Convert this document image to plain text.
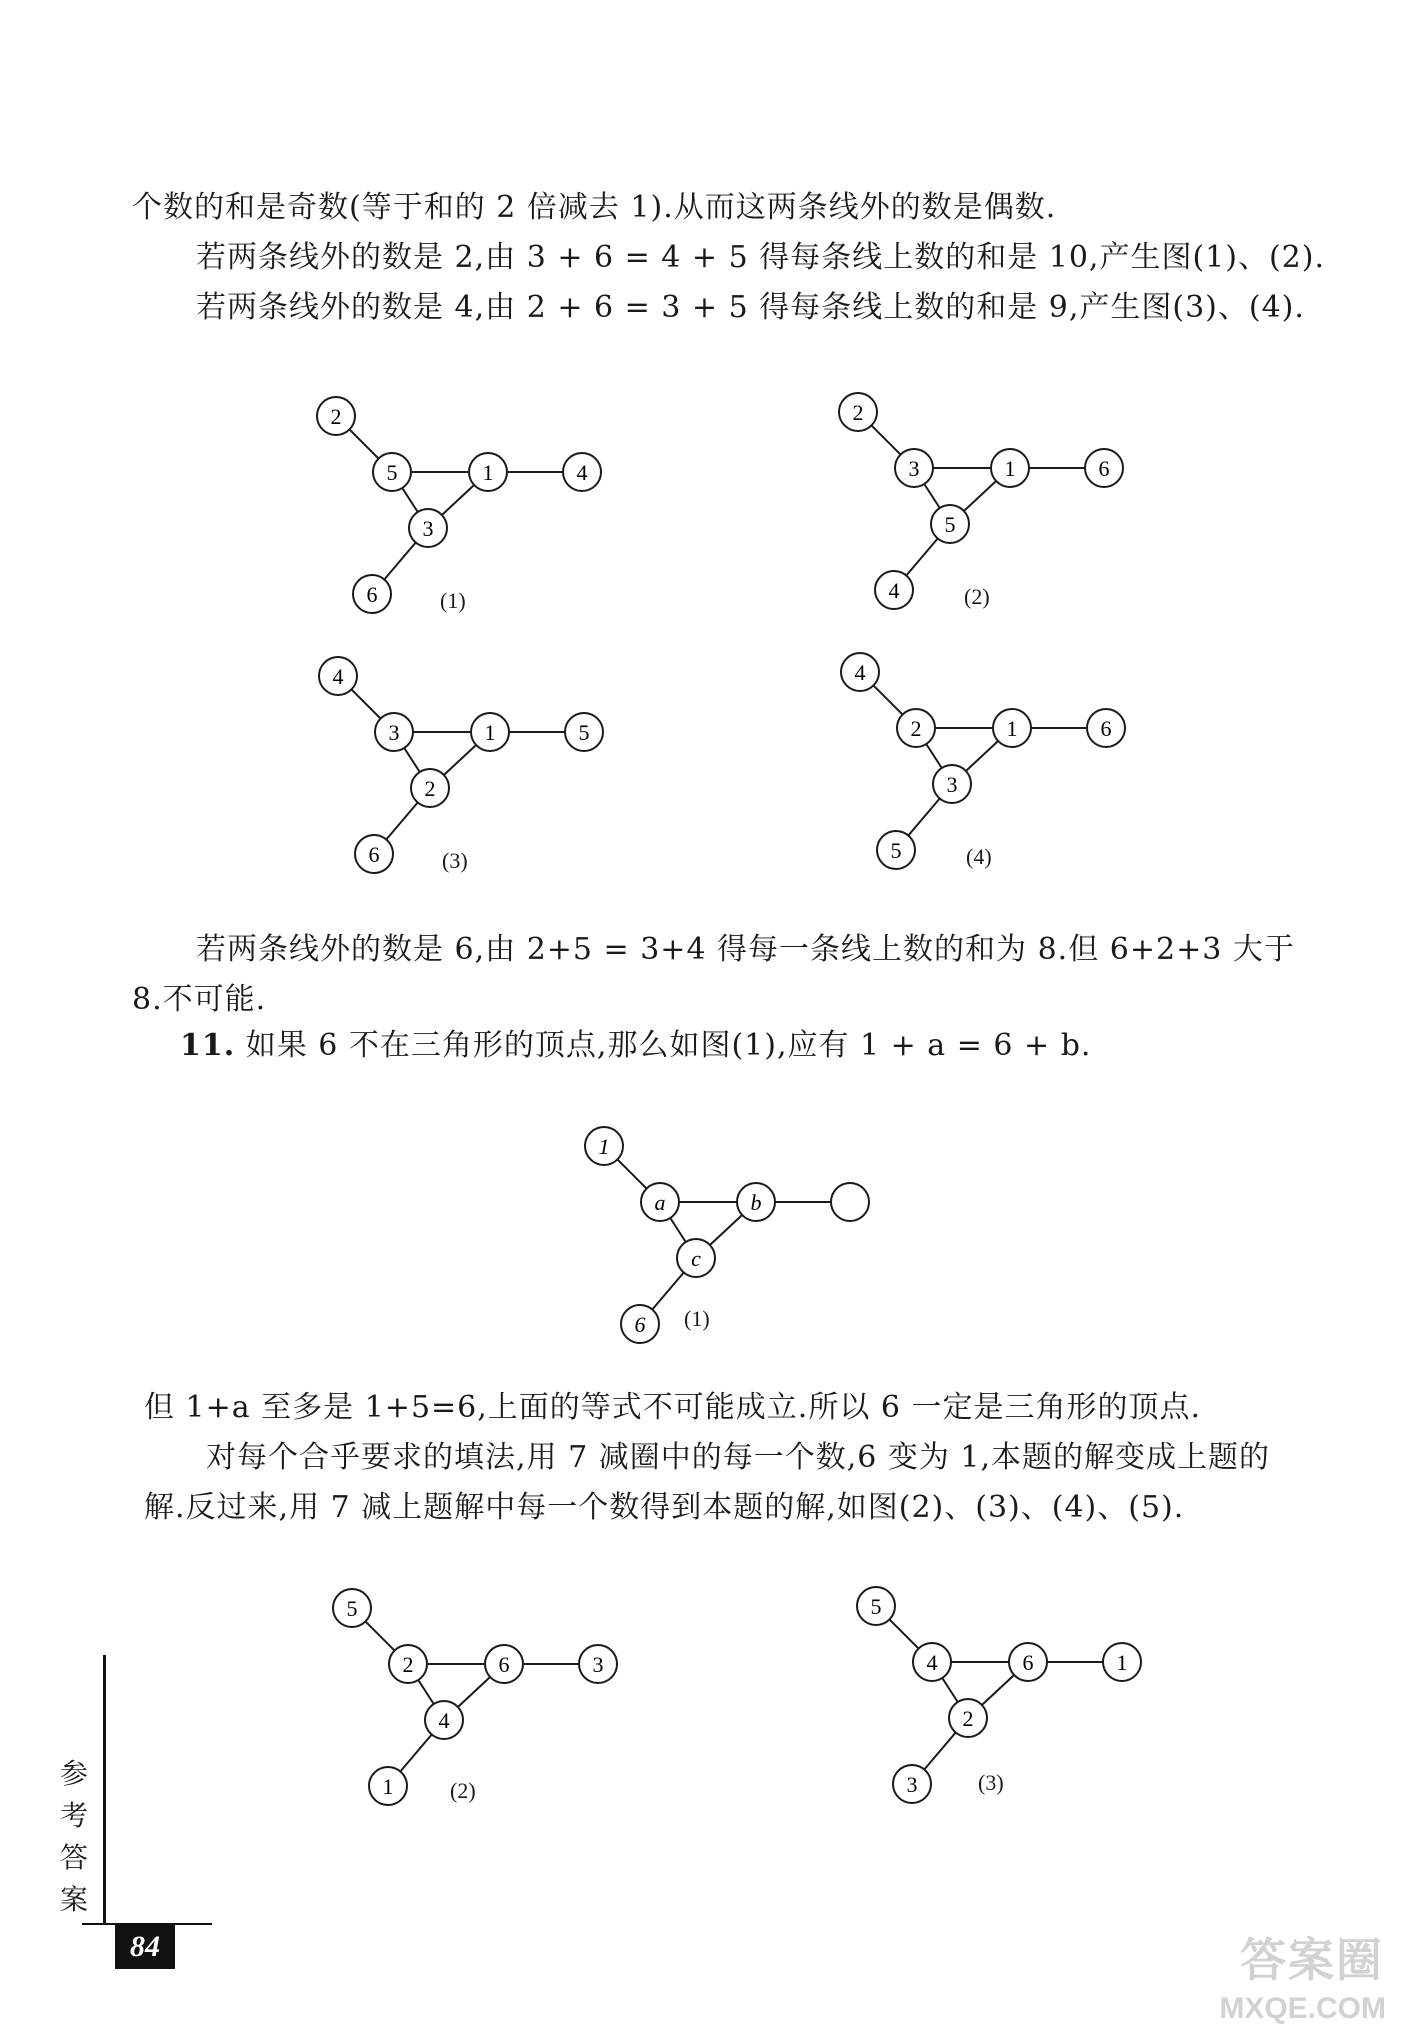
个数的和是奇数(等于和的 2 倍减去 1).从而这两条线外的数是偶数.
若两条线外的数是 2,由 3 + 6 = 4 + 5 得每条线上数的和是 10,产生图(1)、(2).
若两条线外的数是 4,由 2 + 6 = 3 + 5 得每条线上数的和是 9,产生图(3)、(4).
2
5	1	4
3
6	(1)
2
3	1	6
5
4	(2)
4
3	1	5
2
6	(3)
4
2	1	6
3
5	(4)
若两条线外的数是 6,由 2+5 = 3+4 得每一条线上数的和为 8.但 6+2+3 大于
8.不可能.
11. 如果 6 不在三角形的顶点,那么如图(1),应有 1 + a = 6 + b.
1
a	b
c
6 (1)
但 1+a 至多是 1+5=6,上面的等式不可能成立.所以 6 一定是三角形的顶点.
对每个合乎要求的填法,用 7 减圈中的每一个数,6 变为 1,本题的解变成上题的
解.反过来,用 7 减上题解中每一个数得到本题的解,如图(2)、(3)、(4)、(5).
5
2	6	3
4
1	(2)
5
4	6	1
2
3	(3)
参
考
答
案
84	答案圈
MXQE.COM
